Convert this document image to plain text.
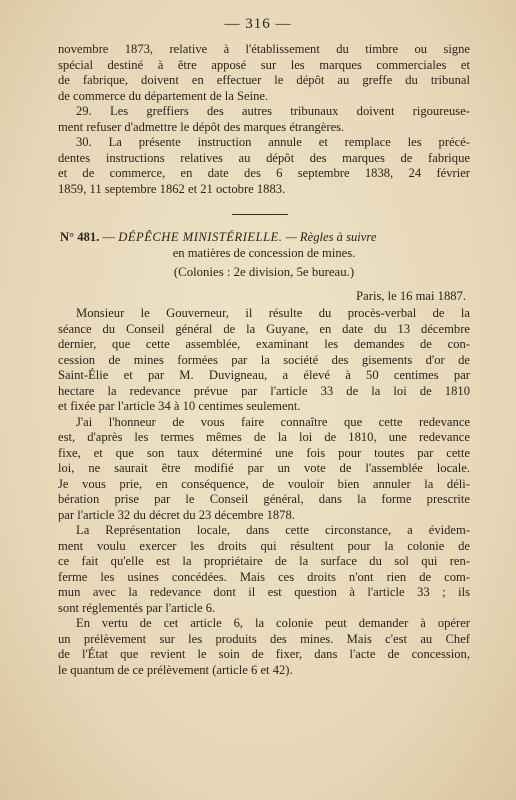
— 316 —
novembre 1873, relative à l'établissement du timbre ou signe
spécial destiné à être apposé sur les marques commerciales et
de fabrique, doivent en effectuer le dépôt au greffe du tribunal
de commerce du département de la Seine.
29. Les greffiers des autres tribunaux doivent rigoureuse-
ment refuser d'admettre le dépôt des marques étrangères.
30. La présente instruction annule et remplace les précé-
dentes instructions relatives au dépôt des marques de fabrique
et de commerce, en date des 6 septembre 1838, 24 février
1859, 11 septembre 1862 et 21 octobre 1883.
N° 481. — DÉPÊCHE MINISTÉRIELLE. — Règles à suivre
en matières de concession de mines.
(Colonies : 2e division, 5e bureau.)
Paris, le 16 mai 1887.
Monsieur le Gouverneur, il résulte du procès-verbal de la
séance du Conseil général de la Guyane, en date du 13 décembre
dernier, que cette assemblée, examinant les demandes de con-
cession de mines formées par la société des gisements d'or de
Saint-Élie et par M. Duvigneau, a élevé à 50 centimes par
hectare la redevance prévue par l'article 33 de la loi de 1810
et fixée par l'article 34 à 10 centimes seulement.
J'ai l'honneur de vous faire connaître que cette redevance
est, d'après les termes mêmes de la loi de 1810, une redevance
fixe, et que son taux déterminé une fois pour toutes par cette
loi, ne saurait être modifié par un vote de l'assemblée locale.
Je vous prie, en conséquence, de vouloir bien annuler la déli-
bération prise par le Conseil général, dans la forme prescrite
par l'article 32 du décret du 23 décembre 1878.
La Représentation locale, dans cette circonstance, a évidem-
ment voulu exercer les droits qui résultent pour la colonie de
ce fait qu'elle est la propriétaire de la surface du sol qui ren-
ferme les usines concédées. Mais ces droits n'ont rien de com-
mun avec la redevance dont il est question à l'article 33 ; ils
sont réglementés par l'article 6.
En vertu de cet article 6, la colonie peut demander à opérer
un prélèvement sur les produits des mines. Mais c'est au Chef
de l'État que revient le soin de fixer, dans l'acte de concession,
le quantum de ce prélèvement (article 6 et 42).
